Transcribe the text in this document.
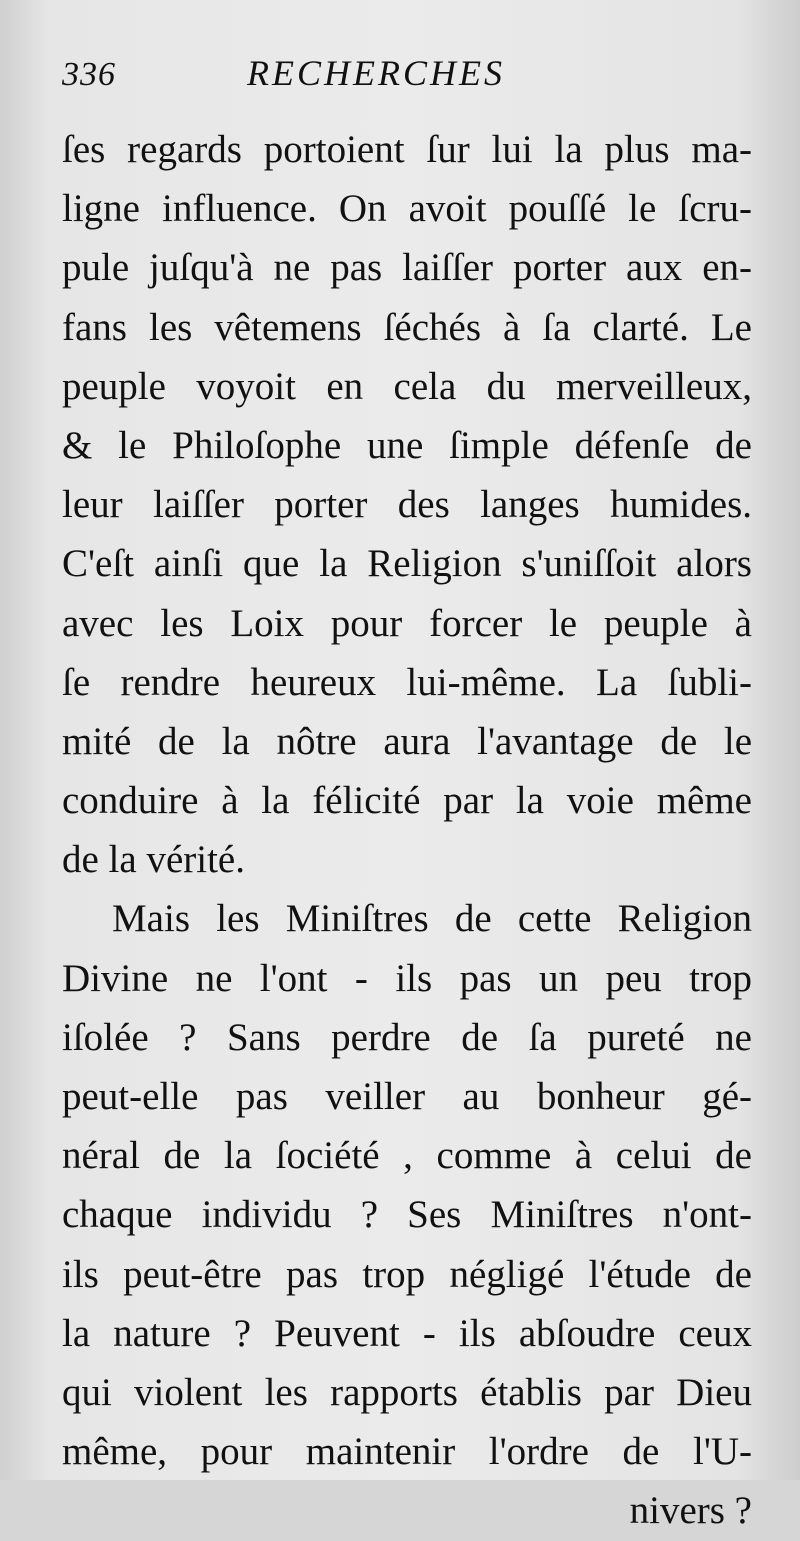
336	RECHERCHES
ſes regards portoient ſur lui la plus ma-
ligne influence. On avoit pouſſé le ſcru-
pule juſqu'à ne pas laiſſer porter aux en-
fans les vêtemens ſéchés à ſa clarté. Le
peuple voyoit en cela du merveilleux,
& le Philoſophe une ſimple défenſe de
leur laiſſer porter des langes humides.
C'eſt ainſi que la Religion s'uniſſoit alors
avec les Loix pour forcer le peuple à
ſe rendre heureux lui-même. La ſubli-
mité de la nôtre aura l'avantage de le
conduire à la félicité par la voie même
de la vérité.
Mais les Miniſtres de cette Religion
Divine ne l'ont - ils pas un peu trop
iſolée ? Sans perdre de ſa pureté ne
peut-elle pas veiller au bonheur gé-
néral de la ſociété , comme à celui de
chaque individu ? Ses Miniſtres n'ont-
ils peut-être pas trop négligé l'étude de
la nature ? Peuvent - ils abſoudre ceux
qui violent les rapports établis par Dieu
même, pour maintenir l'ordre de l'U-
nivers ?
